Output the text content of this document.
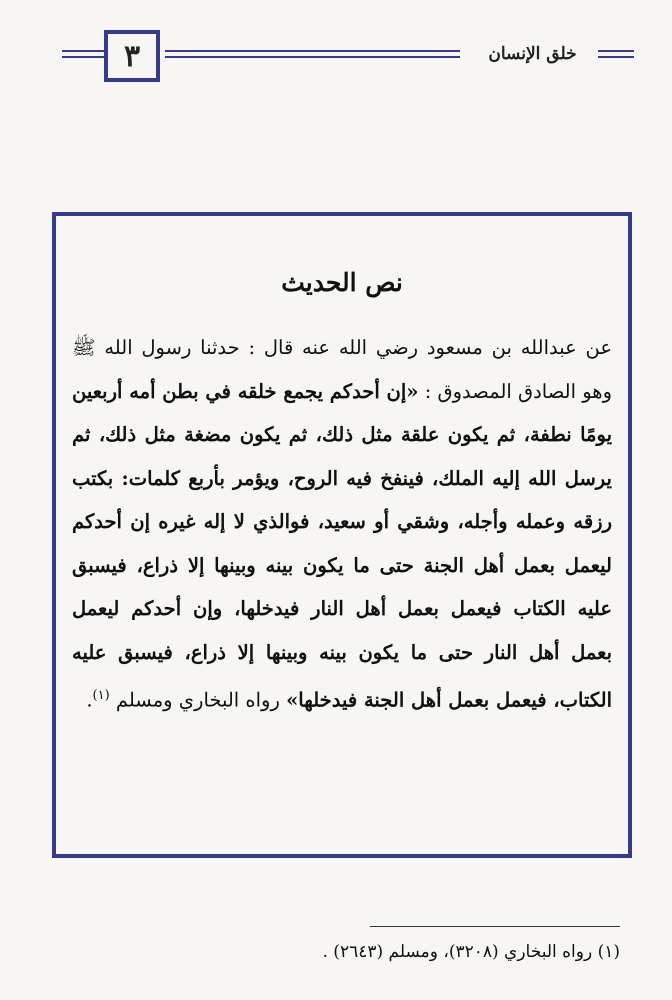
٣	خلق الإنسان
نص الحديث
عن عبدالله بن مسعود رضي الله عنه قال : حدثنا رسول الله ﷺ وهو الصادق المصدوق : «إن أحدكم يجمع خلقه في بطن أمه أربعين يومًا نطفة، ثم يكون علقة مثل ذلك، ثم يكون مضغة مثل ذلك، ثم يرسل الله إليه الملك، فينفخ فيه الروح، ويؤمر بأربع كلمات: بكتب رزقه وعمله وأجله، وشقي أو سعيد، فوالذي لا إله غيره إن أحدكم ليعمل بعمل أهل الجنة حتى ما يكون بينه وبينها إلا ذراع، فيسبق عليه الكتاب فيعمل بعمل أهل النار فيدخلها، وإن أحدكم ليعمل بعمل أهل النار حتى ما يكون بينه وبينها إلا ذراع، فيسبق عليه الكتاب، فيعمل بعمل أهل الجنة فيدخلها» رواه البخاري ومسلم $^{(١)}$.
(١) رواه البخاري (٣٢٠٨)، ومسلم (٢٦٤٣) .
